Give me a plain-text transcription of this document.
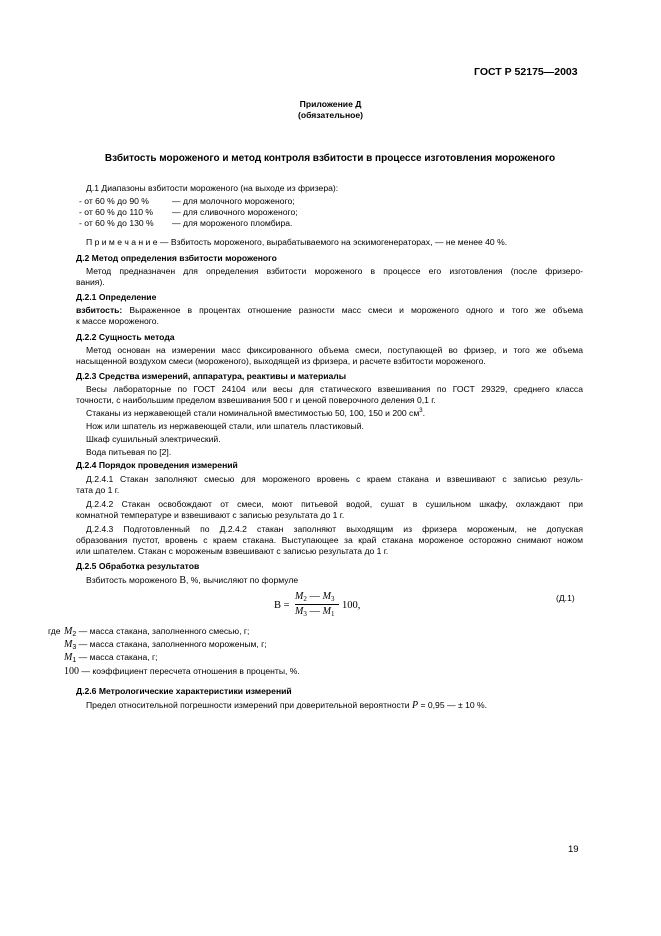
ГОСТ Р 52175—2003
Приложение Д
(обязательное)
Взбитость мороженого и метод контроля взбитости в процессе изготовления мороженого
Д.1 Диапазоны взбитости мороженого (на выходе из фризера):
- от 60 % до 90 %	— для молочного мороженого;
- от 60 % до 110 % — для сливочного мороженого;
- от 60 % до 130 % — для мороженого пломбира.
П р и м е ч а н и е — Взбитость мороженого, вырабатываемого на эскимогенераторах, — не менее 40 %.
Д.2 Метод определения взбитости мороженого
Метод предназначен для определения взбитости мороженого в процессе его изготовления (после фризеро-
вания).
Д.2.1 Определение
взбитость: Выраженное в процентах отношение разности масс смеси и мороженого одного и того же объема
к массе мороженого.
Д.2.2 Сущность метода
Метод основан на измерении масс фиксированного объема смеси, поступающей во фризер, и того же объема
насыщенной воздухом смеси (мороженого), выходящей из фризера, и расчете взбитости мороженого.
Д.2.3 Средства измерений, аппаратура, реактивы и материалы
Весы лабораторные по ГОСТ 24104 или весы для статического взвешивания по ГОСТ 29329, среднего класса
точности, с наибольшим пределом взвешивания 500 г и ценой поверочного деления 0,1 г.
Стаканы из нержавеющей стали номинальной вместимостью 50, 100, 150 и 200 $см^3$.
Нож или шпатель из нержавеющей стали, или шпатель пластиковый.
Шкаф сушильный электрический.
Вода питьевая по [2].
Д.2.4 Порядок проведения измерений
Д.2.4.1 Стакан заполняют смесью для мороженого вровень с краем стакана и взвешивают с записью резуль-
тата до 1 г.
Д.2.4.2 Стакан освобождают от смеси, моют питьевой водой, сушат в сушильном шкафу, охлаждают при
комнатной температуре и взвешивают с записью результата до 1 г.
Д.2.4.3 Подготовленный по Д.2.4.2 стакан заполняют выходящим из фризера мороженым, не допуская
образования пустот, вровень с краем стакана. Выступающее за край стакана мороженое осторожно снимают ножом
или шпателем. Стакан с мороженым взвешивают с записью результата до 1 г.
Д.2.5 Обработка результатов
Взбитость мороженого B, %, вычисляют по формуле
B =
$M_2$ — $M_3$
$M_3$ — $M_1$
100,
(Д.1)
где $M_2$ — масса стакана, заполненного смесью, г;
$M_3$ — масса стакана, заполненного мороженым, г;
$M_1$ — масса стакана, г;
100 — коэффициент пересчета отношения в проценты, %.
Д.2.6 Метрологические характеристики измерений
Предел относительной погрешности измерений при доверительной вероятности P = 0,95 — ± 10 %.
19
